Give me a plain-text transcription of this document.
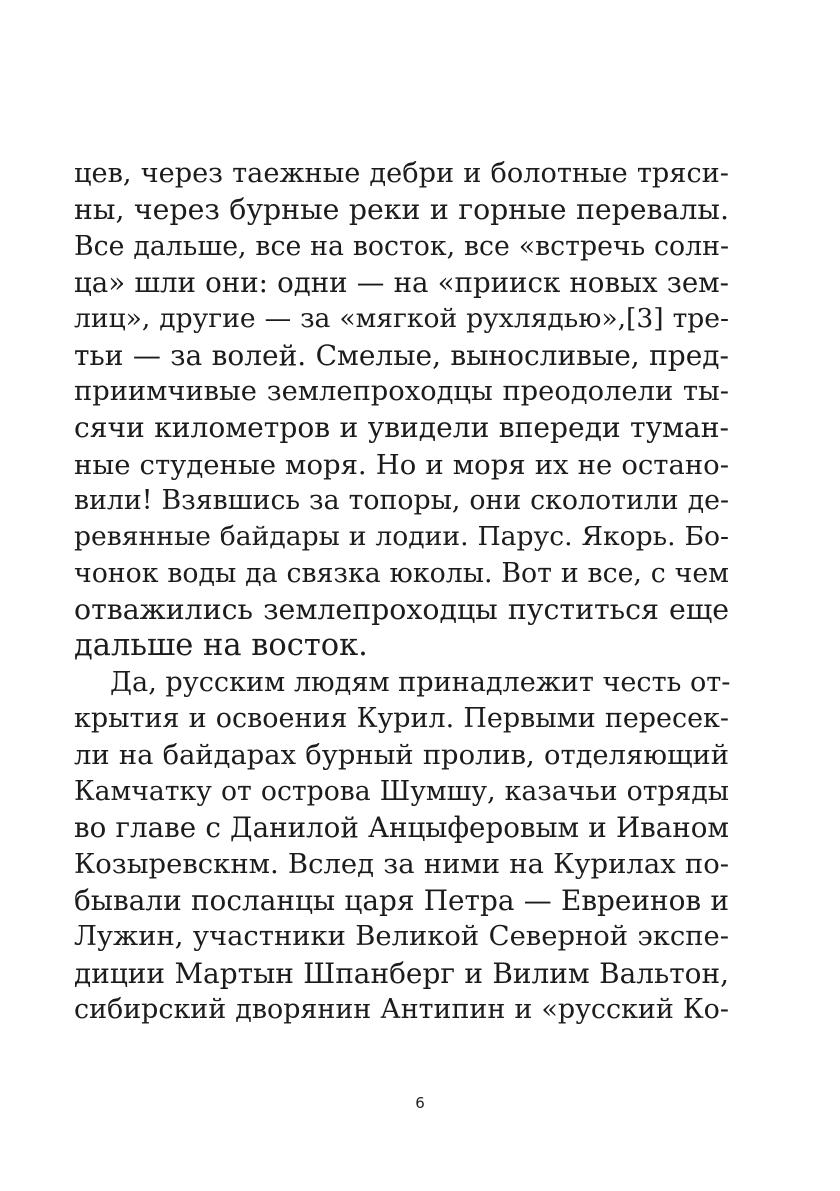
цев, через таежные дебри и болотные тряси-
ны, через бурные реки и горные перевалы.
Все дальше, все на восток, все «встречь солн-
ца» шли они: одни — на «прииск новых зем-
лиц», другие — за «мягкой рухлядью»,[3] тре-
тьи — за волей. Смелые, выносливые, пред-
приимчивые землепроходцы преодолели ты-
сячи километров и увидели впереди туман-
ные студеные моря. Но и моря их не остано-
вили! Взявшись за топоры, они сколотили де-
ревянные байдары и лодии. Парус. Якорь. Бо-
чонок воды да связка юколы. Вот и все, с чем
отважились землепроходцы пуститься еще
дальше на восток.
Да, русским людям принадлежит честь от-
крытия и освоения Курил. Первыми пересек-
ли на байдарах бурный пролив, отделяющий
Камчатку от острова Шумшу, казачьи отряды
во главе с Данилой Анцыферовым и Иваном
Козыревскнм. Вслед за ними на Курилах по-
бывали посланцы царя Петра — Евреинов и
Лужин, участники Великой Северной экспе-
диции Мартын Шпанберг и Вилим Вальтон,
сибирский дворянин Антипин и «русский Ко-
6
